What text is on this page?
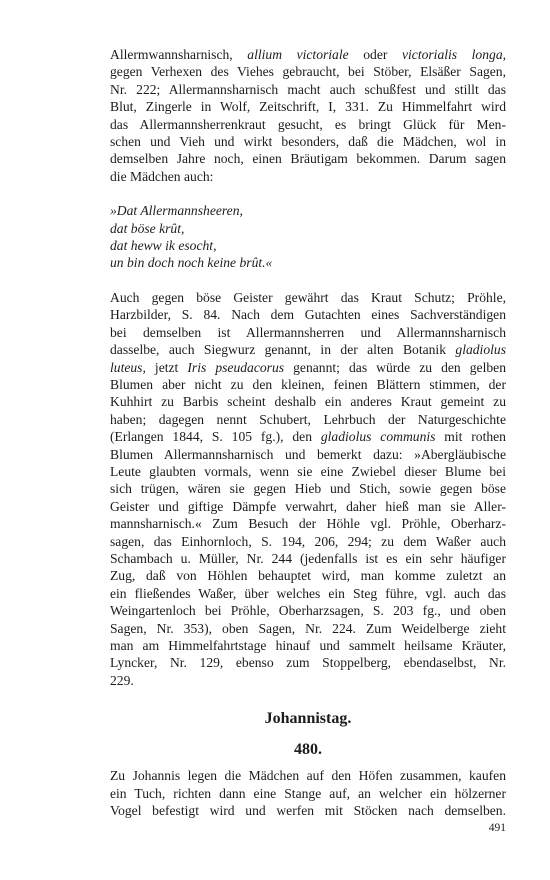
Allermwannsharnisch, allium victoriale oder victorialis longa,
gegen Verhexen des Viehes gebraucht, bei Stöber, Elsäßer Sagen,
Nr. 222; Allermannsharnisch macht auch schußfest und stillt das
Blut, Zingerle in Wolf, Zeitschrift, I, 331. Zu Himmelfahrt wird
das Allermannsherrenkraut gesucht, es bringt Glück für Men-
schen und Vieh und wirkt besonders, daß die Mädchen, wol in
demselben Jahre noch, einen Bräutigam bekommen. Darum sagen
die Mädchen auch:

»Dat Allermannsheeren,
dat böse krût,
dat heww ik esocht,
un bin doch noch keine brût.«

Auch gegen böse Geister gewährt das Kraut Schutz; Pröhle,
Harzbilder, S. 84. Nach dem Gutachten eines Sachverständigen
bei demselben ist Allermannsherren und Allermannsharnisch
dasselbe, auch Siegwurz genannt, in der alten Botanik gladiolus
luteus, jetzt Iris pseudacorus genannt; das würde zu den gelben
Blumen aber nicht zu den kleinen, feinen Blättern stimmen, der
Kuhhirt zu Barbis scheint deshalb ein anderes Kraut gemeint zu
haben; dagegen nennt Schubert, Lehrbuch der Naturgeschichte
(Erlangen 1844, S. 105 fg.), den gladiolus communis mit rothen
Blumen Allermannsharnisch und bemerkt dazu: »Abergläubische
Leute glaubten vormals, wenn sie eine Zwiebel dieser Blume bei
sich trügen, wären sie gegen Hieb und Stich, sowie gegen böse
Geister und giftige Dämpfe verwahrt, daher hieß man sie Aller-
mannsharnisch.« Zum Besuch der Höhle vgl. Pröhle, Oberharz-
sagen, das Einhornloch, S. 194, 206, 294; zu dem Waßer auch
Schambach u. Müller, Nr. 244 (jedenfalls ist es ein sehr häufiger
Zug, daß von Höhlen behauptet wird, man komme zuletzt an
ein fließendes Waßer, über welches ein Steg führe, vgl. auch das
Weingartenloch bei Pröhle, Oberharzsagen, S. 203 fg., und oben
Sagen, Nr. 353), oben Sagen, Nr. 224. Zum Weidelberge zieht
man am Himmelfahrtstage hinauf und sammelt heilsame Kräuter,
Lyncker, Nr. 129, ebenso zum Stoppelberg, ebendaselbst, Nr.
229.

Johannistag.
480.

Zu Johannis legen die Mädchen auf den Höfen zusammen, kaufen
ein Tuch, richten dann eine Stange auf, an welcher ein hölzerner
Vogel befestigt wird und werfen mit Stöcken nach demselben.

491
